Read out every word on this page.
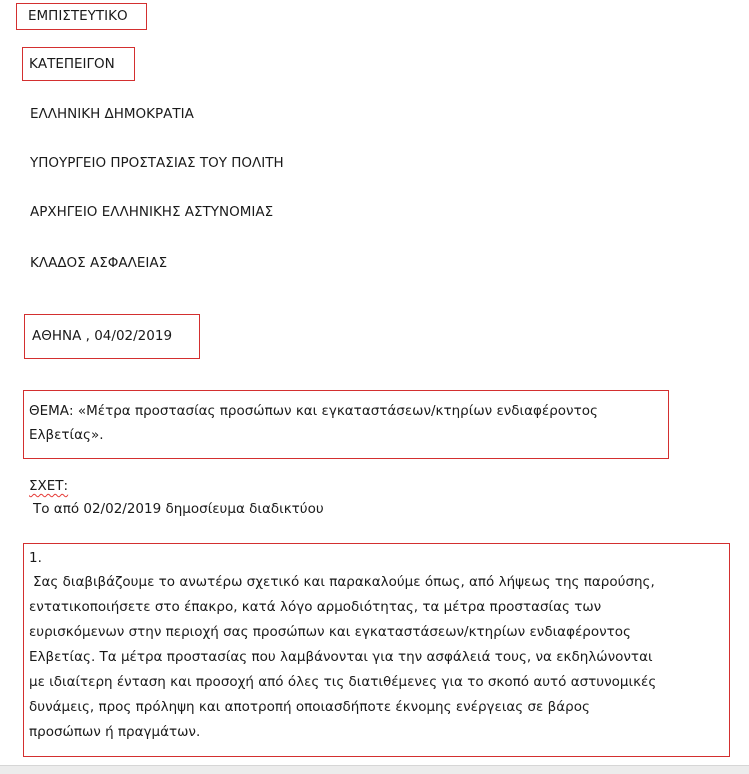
ΕΜΠΙΣΤΕΥΤΙΚΟ
ΚΑΤΕΠΕΙΓΟΝ
ΕΛΛΗΝΙΚΗ ΔΗΜΟΚΡΑΤΙΑ
ΥΠΟΥΡΓΕΙΟ ΠΡΟΣΤΑΣΙΑΣ ΤΟΥ ΠΟΛΙΤΗ
ΑΡΧΗΓΕΙΟ ΕΛΛΗΝΙΚΗΣ ΑΣΤΥΝΟΜΙΑΣ
ΚΛΑΔΟΣ ΑΣΦΑΛΕΙΑΣ
ΑΘΗΝΑ , 04/02/2019
ΘΕΜΑ: «Μέτρα προστασίας προσώπων και εγκαταστάσεων/κτηρίων ενδιαφέροντος
Ελβετίας».
ΣΧΕΤ:
Το από 02/02/2019 δημοσίευμα διαδικτύου
1.
Σας διαβιβάζουμε το ανωτέρω σχετικό και παρακαλούμε όπως, από λήψεως της παρούσης,
εντατικοποιήσετε στο έπακρο, κατά λόγο αρμοδιότητας, τα μέτρα προστασίας των
ευρισκόμενων στην περιοχή σας προσώπων και εγκαταστάσεων/κτηρίων ενδιαφέροντος
Ελβετίας. Τα μέτρα προστασίας που λαμβάνονται για την ασφάλειά τους, να εκδηλώνονται
με ιδιαίτερη ένταση και προσοχή από όλες τις διατιθέμενες για το σκοπό αυτό αστυνομικές
δυνάμεις, προς πρόληψη και αποτροπή οποιασδήποτε έκνομης ενέργειας σε βάρος
προσώπων ή πραγμάτων.
